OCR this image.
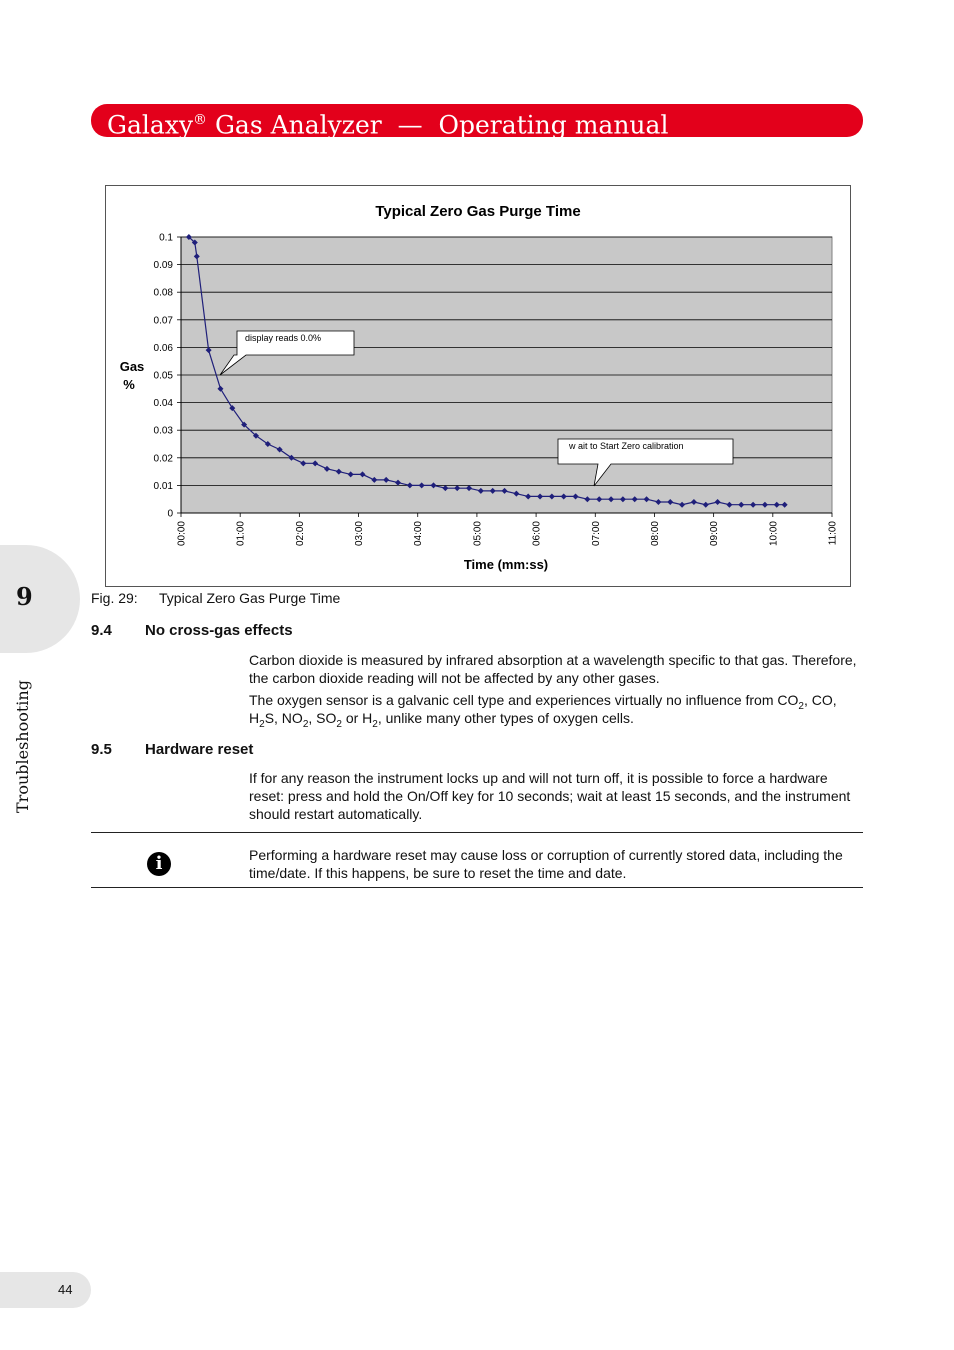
Galaxy® Gas Analyzer  —  Operating manual
9
Troubleshooting
Typical Zero Gas Purge Time
0
0.01
0.02
0.03
0.04
0.05
0.06
0.07
0.08
0.09
0.1
00:00	01:00	02:00	03:00	04:00	05:00	06:00	07:00	08:00	09:00	10:00	11:00
Gas
%
Time (mm:ss)
display reads 0.0%
w ait to Start Zero calibration
Fig. 29: Typical Zero Gas Purge Time
9.4 No cross-gas effects
Carbon dioxide is measured by infrared absorption at a wavelength specific to that gas. Therefore, the carbon dioxide reading will not be affected by any other gases.
The oxygen sensor is a galvanic cell type and experiences virtually no influence from $CO_2$, CO, $H_2S$, $NO_2$, $SO_2$ or $H_2$, unlike many other types of oxygen cells.
9.5 Hardware reset
If for any reason the instrument locks up and will not turn off, it is possible to force a hardware reset: press and hold the On/Off key for 10 seconds; wait at least 15 seconds, and the instrument should restart automatically.
i	Performing a hardware reset may cause loss or corruption of currently stored data, including the time/date. If this happens, be sure to reset the time and date.
44
